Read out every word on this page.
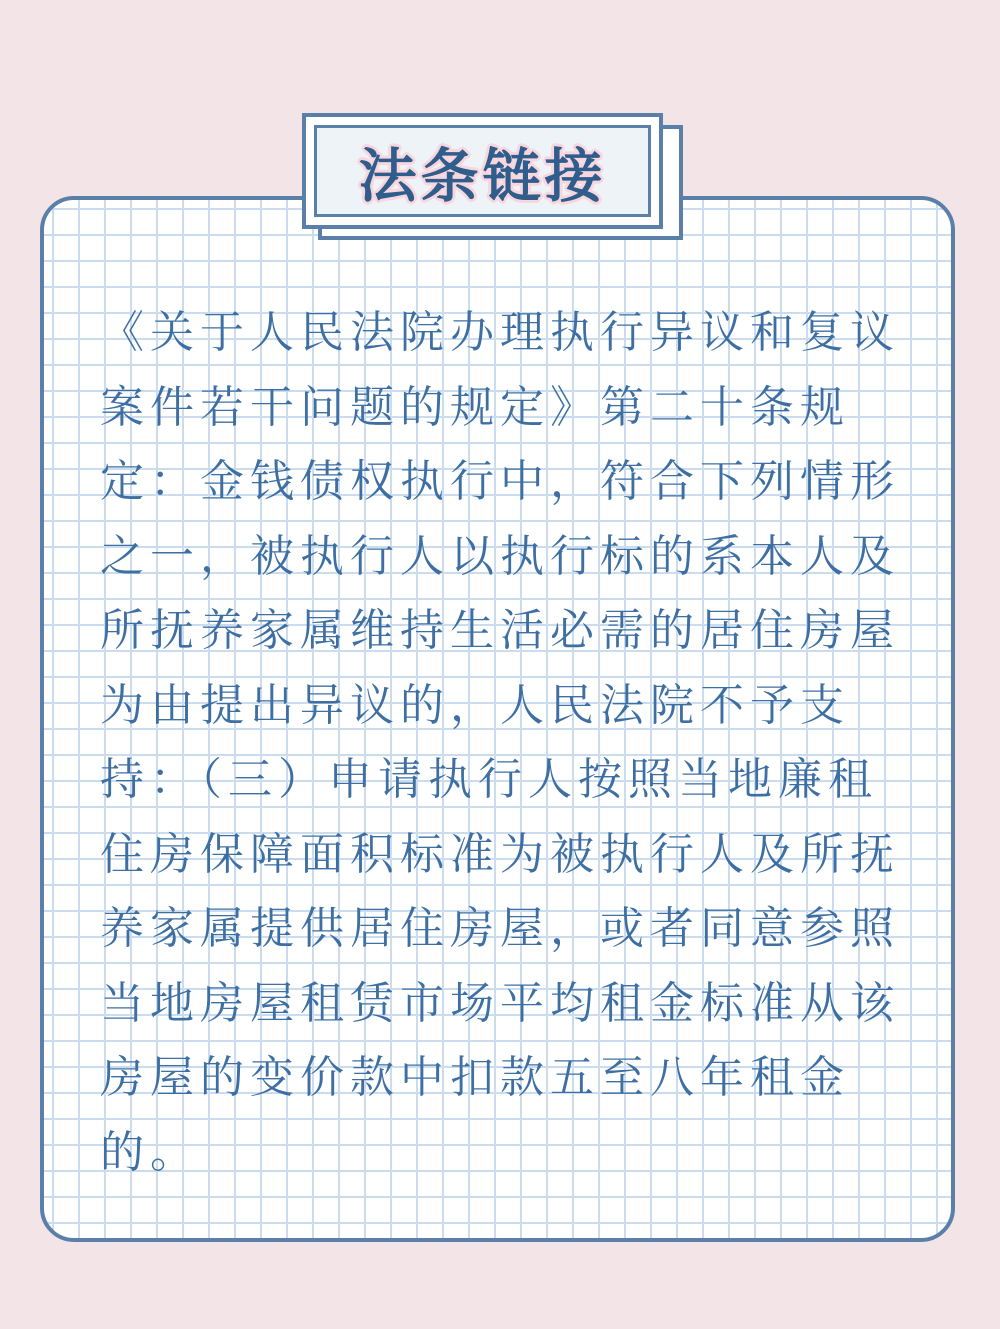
法条链接

《关于人民法院办理执行异议和复议
案件若干问题的规定》第二十条规
定：金钱债权执行中，符合下列情形
之一，被执行人以执行标的系本人及
所抚养家属维持生活必需的居住房屋
为由提出异议的，人民法院不予支
持：（三）申请执行人按照当地廉租
住房保障面积标准为被执行人及所抚
养家属提供居住房屋，或者同意参照
当地房屋租赁市场平均租金标准从该
房屋的变价款中扣款五至八年租金
的。
